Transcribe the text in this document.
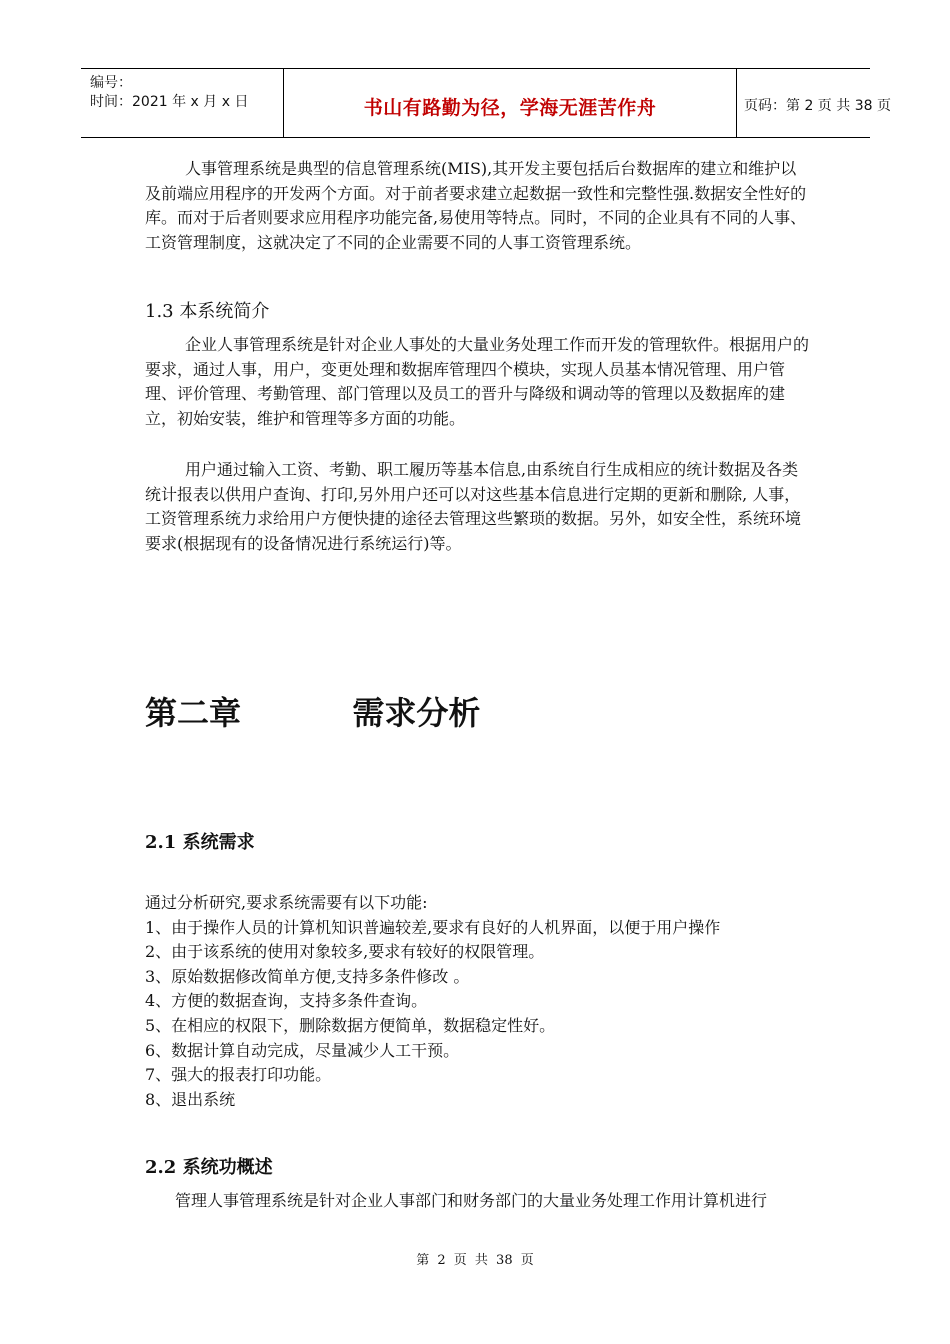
编号：
时间：2021 年 x 月 x 日	书山有路勤为径，学海无涯苦作舟	页码：第 2 页 共 38 页

人事管理系统是典型的信息管理系统(MIS),其开发主要包括后台数据库的建立和维护以及前端应用程序的开发两个方面。对于前者要求建立起数据一致性和完整性强.数据安全性好的库。而对于后者则要求应用程序功能完备,易使用等特点。同时，不同的企业具有不同的人事、工资管理制度，这就决定了不同的企业需要不同的人事工资管理系统。

1.3 本系统简介

企业人事管理系统是针对企业人事处的大量业务处理工作而开发的管理软件。根据用户的要求，通过人事，用户，变更处理和数据库管理四个模块，实现人员基本情况管理、用户管理、评价管理、考勤管理、部门管理以及员工的晋升与降级和调动等的管理以及数据库的建立，初始安装，维护和管理等多方面的功能。

用户通过输入工资、考勤、职工履历等基本信息,由系统自行生成相应的统计数据及各类统计报表以供用户查询、打印,另外用户还可以对这些基本信息进行定期的更新和删除, 人事，工资管理系统力求给用户方便快捷的途径去管理这些繁琐的数据。另外，如安全性，系统环境要求(根据现有的设备情况进行系统运行)等。

第二章          需求分析
2.1 系统需求
通过分析研究,要求系统需要有以下功能:
1、由于操作人员的计算机知识普遍较差,要求有良好的人机界面，以便于用户操作
2、由于该系统的使用对象较多,要求有较好的权限管理。
3、原始数据修改简单方便,支持多条件修改 。
4、方便的数据查询，支持多条件查询。
5、在相应的权限下，删除数据方便简单，数据稳定性好。
6、数据计算自动完成，尽量减少人工干预。
7、强大的报表打印功能。
8、退出系统
2.2 系统功概述

管理人事管理系统是针对企业人事部门和财务部门的大量业务处理工作用计算机进行

第 2 页 共 38 页
